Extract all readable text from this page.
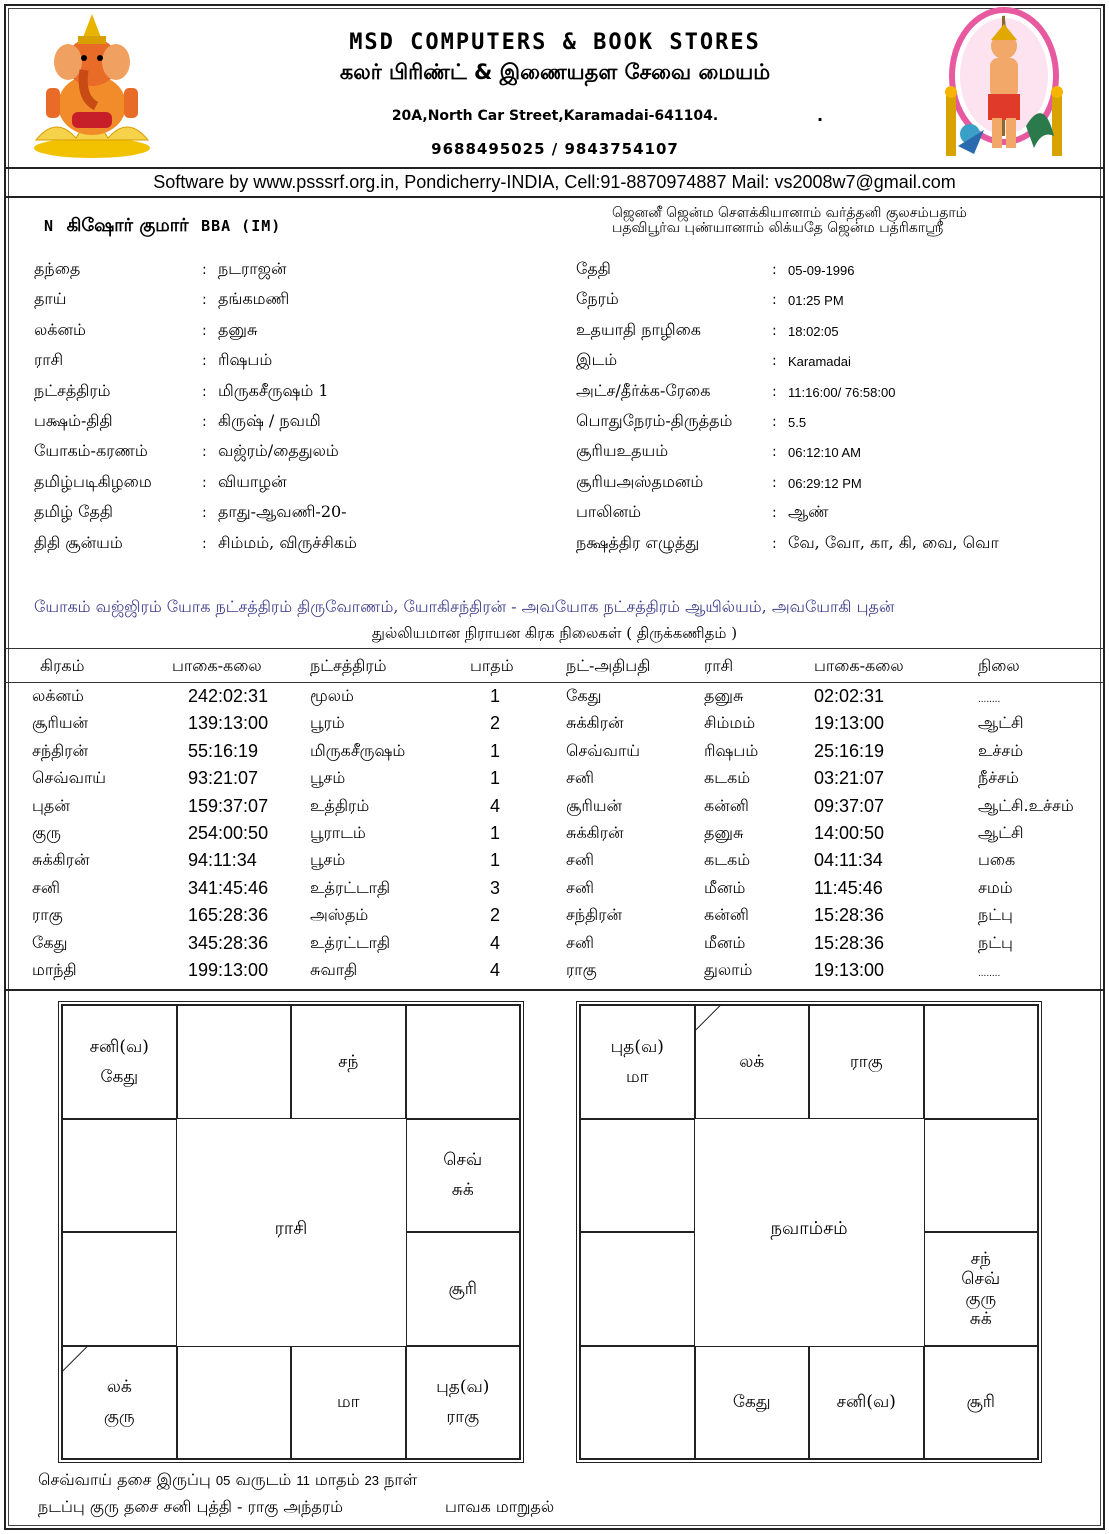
MSD COMPUTERS & BOOK STORES
கலர் பிரிண்ட் & இணையதள சேவை மையம்
20A,North Car Street,Karamadai-641104.	.
9688495025 / 9843754107
Software by www.psssrf.org.in, Pondicherry-INDIA, Cell:91-8870974887 Mail: vs2008w7@gmail.com
N கிஷோர் குமார் BBA (IM)
ஜெனனீ ஜென்ம சௌக்கியானாம் வர்த்தனி குலசம்பதாம்
பதவிபூர்வ புண்யானாம் லிக்யதே ஜென்ம பத்ரிகாஸ்ரீ
தந்தை	: நடராஜன்
தாய்	: தங்கமணி
லக்னம்	: தனுசு
ராசி	: ரிஷபம்
நட்சத்திரம்	: மிருகசீருஷம் 1
பக்ஷம்-திதி	: கிருஷ் / நவமி
யோகம்-கரணம்	: வஜ்ரம்/தைதுலம்
தமிழ்படிகிழமை	: வியாழன்
தமிழ் தேதி	: தாது-ஆவணி-20-
திதி சூன்யம்	: சிம்மம், விருச்சிகம்
தேதி	: 05-09-1996
நேரம்	: 01:25 PM
உதயாதி நாழிகை	: 18:02:05
இடம்	: Karamadai
அட்ச/தீர்க்க-ரேகை	: 11:16:00/ 76:58:00
பொதுநேரம்-திருத்தம்	: 5.5
சூரியஉதயம்	: 06:12:10 AM
சூரியஅஸ்தமனம்	: 06:29:12 PM
பாலினம்	: ஆண்
நக்ஷத்திர எழுத்து	: வே, வோ, கா, கி, வை, வொ
யோகம் வஜ்ஜிரம் யோக நட்சத்திரம் திருவோணம், யோகிசந்திரன் - அவயோக நட்சத்திரம் ஆயில்யம், அவயோகி புதன்
துல்லியமான நிராயன கிரக நிலைகள் ( திருக்கணிதம் )
கிரகம்	பாகை-கலை	நட்சத்திரம்	பாதம்	நட்-அதிபதி	ராசி	பாகை-கலை	நிலை
லக்னம்	242:02:31	மூலம்	1	கேது	தனுசு	02:02:31	........
சூரியன்	139:13:00	பூரம்	2	சுக்கிரன்	சிம்மம்	19:13:00	ஆட்சி
சந்திரன்	55:16:19	மிருகசீருஷம்	1	செவ்வாய்	ரிஷபம்	25:16:19	உச்சம்
செவ்வாய்	93:21:07	பூசம்	1	சனி	கடகம்	03:21:07	நீச்சம்
புதன்	159:37:07	உத்திரம்	4	சூரியன்	கன்னி	09:37:07	ஆட்சி.உச்சம்
குரு	254:00:50	பூராடம்	1	சுக்கிரன்	தனுசு	14:00:50	ஆட்சி
சுக்கிரன்	94:11:34	பூசம்	1	சனி	கடகம்	04:11:34	பகை
சனி	341:45:46	உத்ரட்டாதி	3	சனி	மீனம்	11:45:46	சமம்
ராகு	165:28:36	அஸ்தம்	2	சந்திரன்	கன்னி	15:28:36	நட்பு
கேது	345:28:36	உத்ரட்டாதி	4	சனி	மீனம்	15:28:36	நட்பு
மாந்தி	199:13:00	சுவாதி	4	ராகு	துலாம்	19:13:00	........
சனி(வ)
கேது
சந்
செவ்
சுக்
சூரி
லக்
குரு
மா
புத(வ)
ராகு
ராசி
புத(வ)
மா
லக்	ராகு
சந்
செவ்
குரு
சுக்
கேது	சனி(வ)	சூரி
நவாம்சம்
செவ்வாய் தசை இருப்பு 05 வருடம் 11 மாதம் 23 நாள்
நடப்பு குரு தசை சனி புத்தி - ராகு அந்தரம்	பாவக மாறுதல்
